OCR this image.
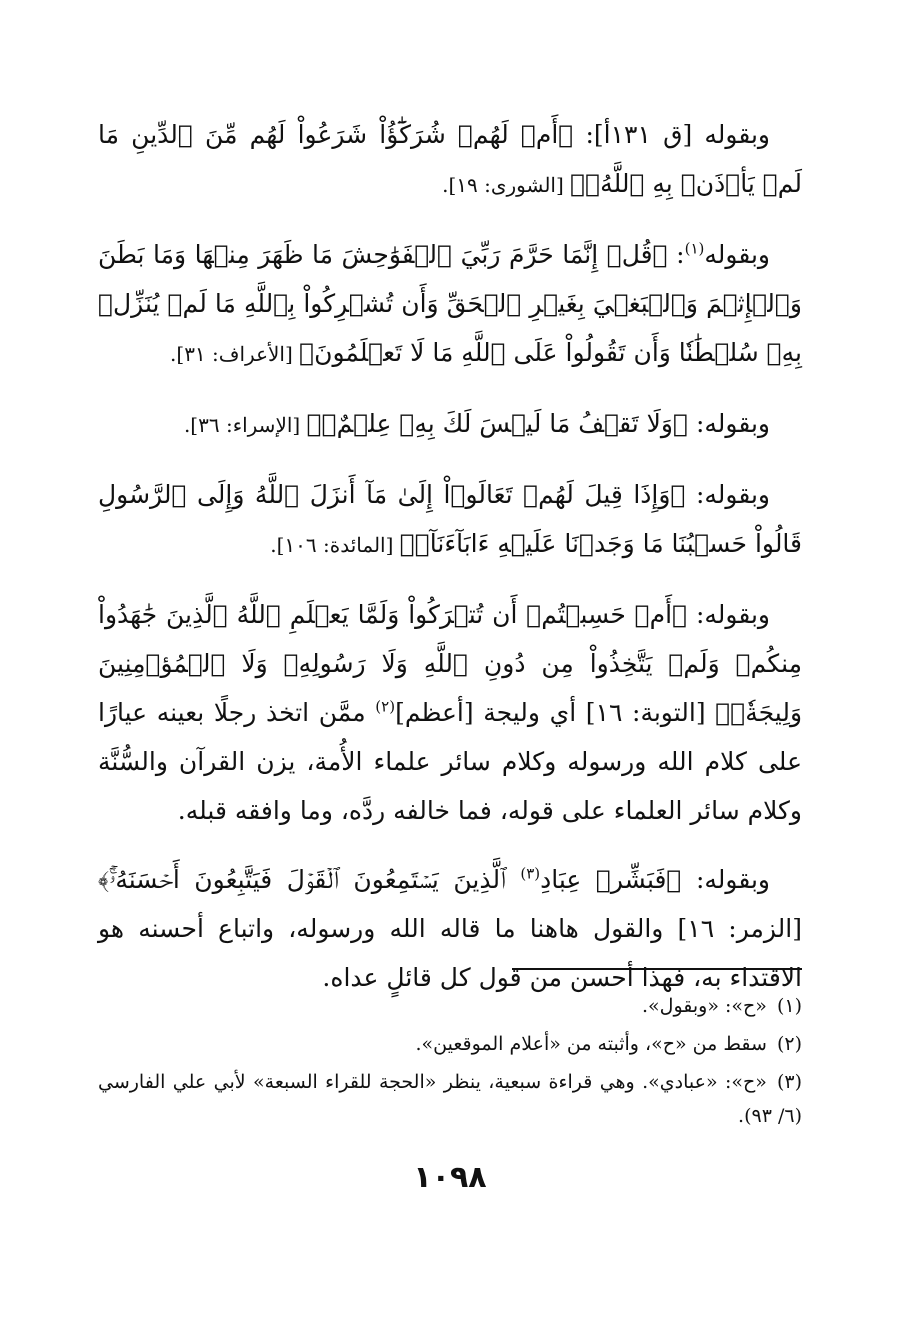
وبقوله [ق ١٣١أ]: ﴿أَمۡ لَهُمۡ شُرَكَٰٓؤُاْ شَرَعُواْ لَهُم مِّنَ ٱلدِّينِ مَا لَمۡ يَأۡذَنۢ بِهِ ٱللَّهُۚ﴾ [الشورى: ١٩].

وبقوله$^{(١)}$: ﴿قُلۡ إِنَّمَا حَرَّمَ رَبِّيَ ٱلۡفَوَٰحِشَ مَا ظَهَرَ مِنۡهَا وَمَا بَطَنَ وَٱلۡإِثۡمَ وَٱلۡبَغۡيَ بِغَيۡرِ ٱلۡحَقِّ وَأَن تُشۡرِكُواْ بِٱللَّهِ مَا لَمۡ يُنَزِّلۡ بِهِۦ سُلۡطَٰنٗا وَأَن تَقُولُواْ عَلَى ٱللَّهِ مَا لَا تَعۡلَمُونَ﴾ [الأعراف: ٣١].

وبقوله: ﴿وَلَا تَقۡفُ مَا لَيۡسَ لَكَ بِهِۦ عِلۡمٌۚ﴾ [الإسراء: ٣٦].

وبقوله: ﴿وَإِذَا قِيلَ لَهُمۡ تَعَالَوۡاْ إِلَىٰ مَآ أَنزَلَ ٱللَّهُ وَإِلَى ٱلرَّسُولِ قَالُواْ حَسۡبُنَا مَا وَجَدۡنَا عَلَيۡهِ ءَابَآءَنَآۚ﴾ [المائدة: ١٠٦].

وبقوله: ﴿أَمۡ حَسِبۡتُمۡ أَن تُتۡرَكُواْ وَلَمَّا يَعۡلَمِ ٱللَّهُ ٱلَّذِينَ جَٰهَدُواْ مِنكُمۡ وَلَمۡ يَتَّخِذُواْ مِن دُونِ ٱللَّهِ وَلَا رَسُولِهِۦ وَلَا ٱلۡمُؤۡمِنِينَ وَلِيجَةٗۚ﴾ [التوبة: ١٦] أي وليجة [أعظم]$^{(٢)}$ ممَّن اتخذ رجلًا بعينه عيارًا على كلام الله ورسوله وكلام سائر علماء الأُمة، يزن القرآن والسُّنَّة وكلام سائر العلماء على قوله، فما خالفه ردَّه، وما وافقه قبله.

وبقوله: ﴿فَبَشِّرۡ عِبَادِ$^{(٣)}$ ٱلَّذِينَ يَسۡتَمِعُونَ ٱلۡقَوۡلَ فَيَتَّبِعُونَ أَحۡسَنَهُۥٓۚ﴾ [الزمر: ١٦] والقول هاهنا ما قاله الله ورسوله، واتباع أحسنه هو الاقتداء به، فهذا أحسن من قول كل قائلٍ عداه.

(١)«ح»: «وبقول».
(٢)سقط من «ح»، وأثبته من «أعلام الموقعين».
(٣)«ح»: «عبادي». وهي قراءة سبعية، ينظر «الحجة للقراء السبعة» لأبي علي الفارسي (٦/ ٩٣).
١٠٩٨
